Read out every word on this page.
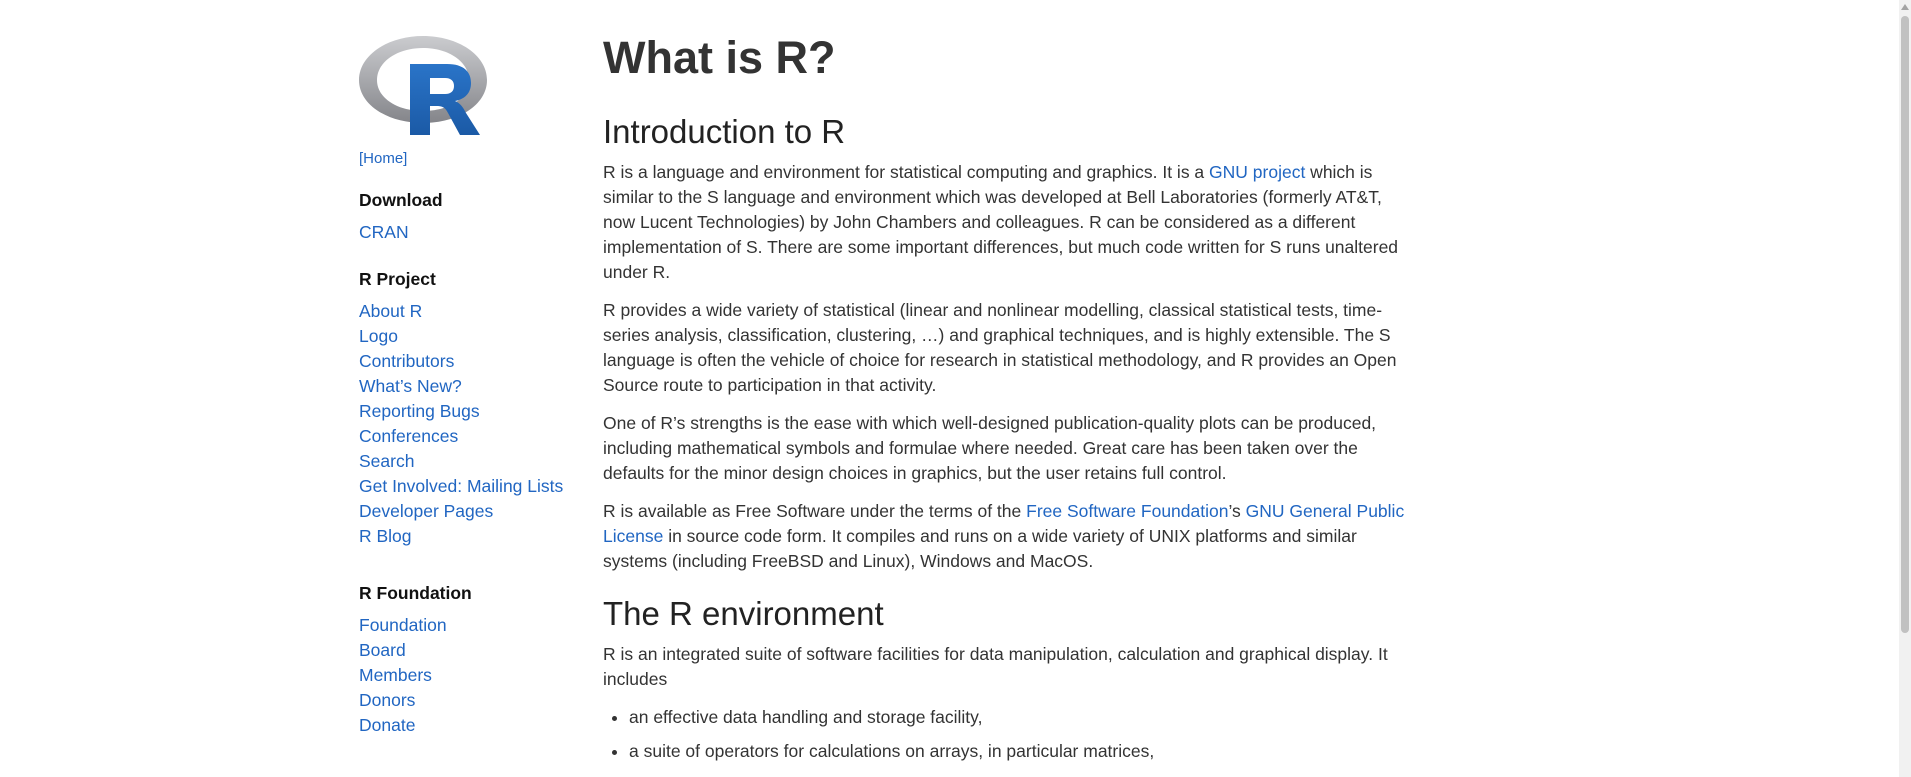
[Home]
Download
CRAN
R Project
About R
Logo
Contributors
What’s New?
Reporting Bugs
Conferences
Search
Get Involved: Mailing Lists
Developer Pages
R Blog
R Foundation
Foundation
Board
Members
Donors
Donate
What is R?
Introduction to R

R is a language and environment for statistical computing and graphics. It is a GNU project which is similar to the S language and environment which was developed at Bell Laboratories (formerly AT&T, now Lucent Technologies) by John Chambers and colleagues. R can be considered as a different implementation of S. There are some important differences, but much code written for S runs unaltered under R.

R provides a wide variety of statistical (linear and nonlinear modelling, classical statistical tests, time-series analysis, classification, clustering, …) and graphical techniques, and is highly extensible. The S language is often the vehicle of choice for research in statistical methodology, and R provides an Open Source route to participation in that activity.

One of R’s strengths is the ease with which well-designed publication-quality plots can be produced, including mathematical symbols and formulae where needed. Great care has been taken over the defaults for the minor design choices in graphics, but the user retains full control.

R is available as Free Software under the terms of the Free Software Foundation’s GNU General Public License in source code form. It compiles and runs on a wide variety of UNIX platforms and similar systems (including FreeBSD and Linux), Windows and MacOS.

The R environment

R is an integrated suite of software facilities for data manipulation, calculation and graphical display. It includes

• an effective data handling and storage facility,
• a suite of operators for calculations on arrays, in particular matrices,
